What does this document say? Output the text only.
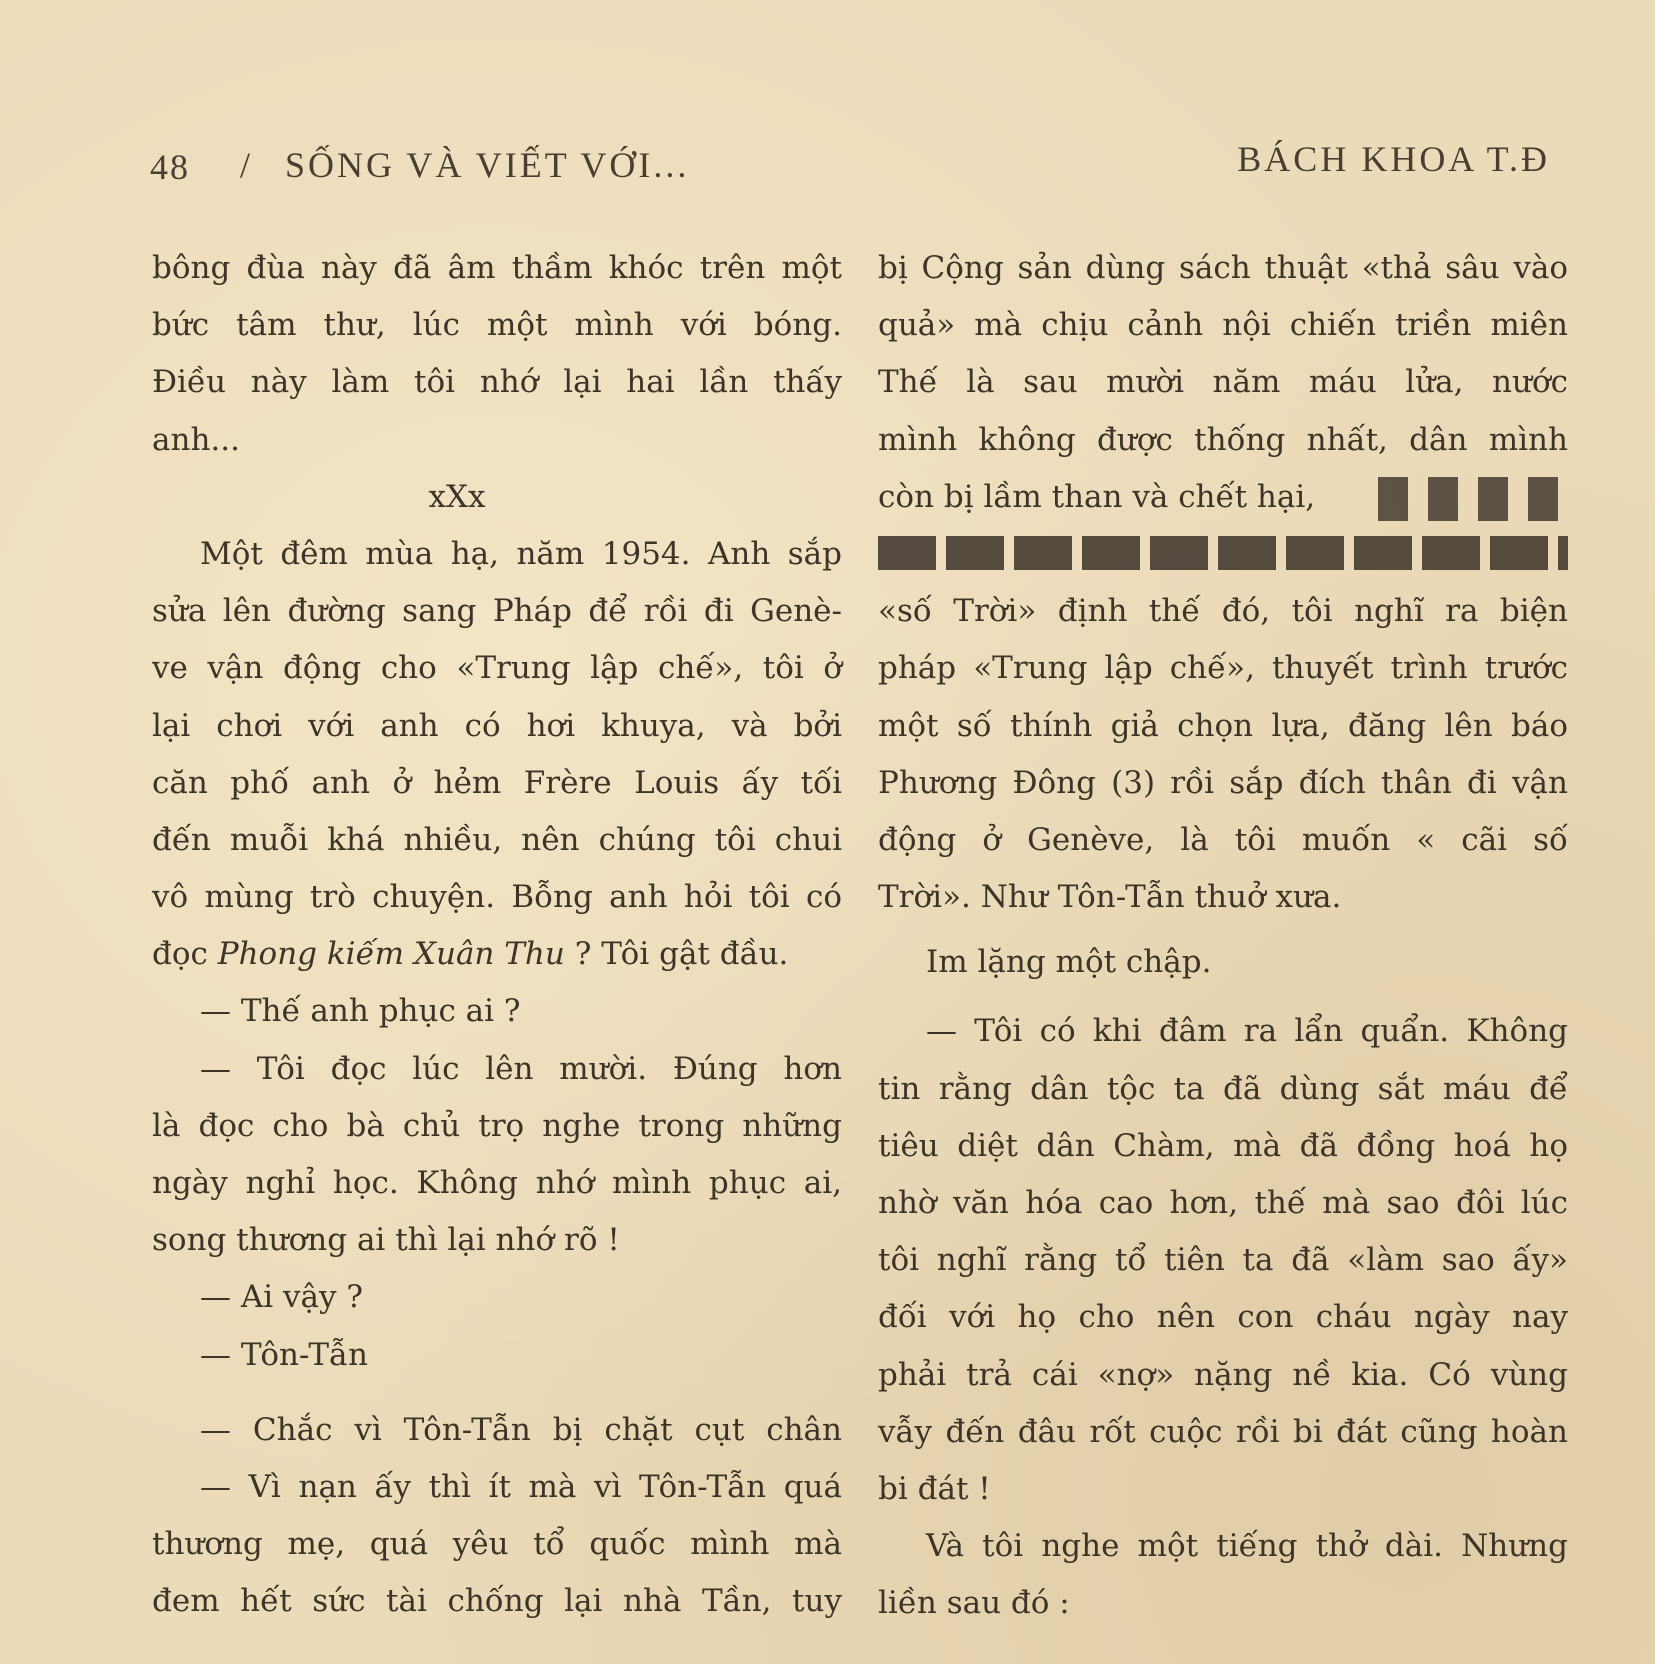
48 / SỐNG VÀ VIẾT VỚI...	BÁCH KHOA T.Đ
bông đùa này đã âm thầm khóc trên một
bức tâm thư, lúc một mình với bóng.
Điều này làm tôi nhớ lại hai lần thấy
anh...
xXx
Một đêm mùa hạ, năm 1954. Anh sắp
sửa lên đường sang Pháp để rồi đi Genè-
ve vận động cho «Trung lập chế», tôi ở
lại chơi với anh có hơi khuya, và bởi
căn phố anh ở hẻm Frère Louis ấy tối
đến muỗi khá nhiều, nên chúng tôi chui
vô mùng trò chuyện. Bỗng anh hỏi tôi có
đọc Phong kiếm Xuân Thu ? Tôi gật đầu.
— Thế anh phục ai ?
— Tôi đọc lúc lên mười. Đúng hơn
là đọc cho bà chủ trọ nghe trong những
ngày nghỉ học. Không nhớ mình phục ai,
song thương ai thì lại nhớ rõ !
— Ai vậy ?
— Tôn-Tẫn
— Chắc vì Tôn-Tẫn bị chặt cụt chân
— Vì nạn ấy thì ít mà vì Tôn-Tẫn quá
thương mẹ, quá yêu tổ quốc mình mà
đem hết sức tài chống lại nhà Tần, tuy
bị Cộng sản dùng sách thuật «thả sâu vào
quả» mà chịu cảnh nội chiến triền miên
Thế là sau mười năm máu lửa, nước
mình không được thống nhất, dân mình
còn bị lầm than và chết hại,
«số Trời» định thế đó, tôi nghĩ ra biện
pháp «Trung lập chế», thuyết trình trước
một số thính giả chọn lựa, đăng lên báo
Phương Đông (3) rồi sắp đích thân đi vận
động ở Genève, là tôi muốn « cãi số
Trời». Như Tôn-Tẫn thuở xưa.
Im lặng một chập.
— Tôi có khi đâm ra lẩn quẩn. Không
tin rằng dân tộc ta đã dùng sắt máu để
tiêu diệt dân Chàm, mà đã đồng hoá họ
nhờ văn hóa cao hơn, thế mà sao đôi lúc
tôi nghĩ rằng tổ tiên ta đã «làm sao ấy»
đối với họ cho nên con cháu ngày nay
phải trả cái «nợ» nặng nề kia. Có vùng
vẫy đến đâu rốt cuộc rồi bi đát cũng hoàn
bi đát !
Và tôi nghe một tiếng thở dài. Nhưng
liền sau đó :
